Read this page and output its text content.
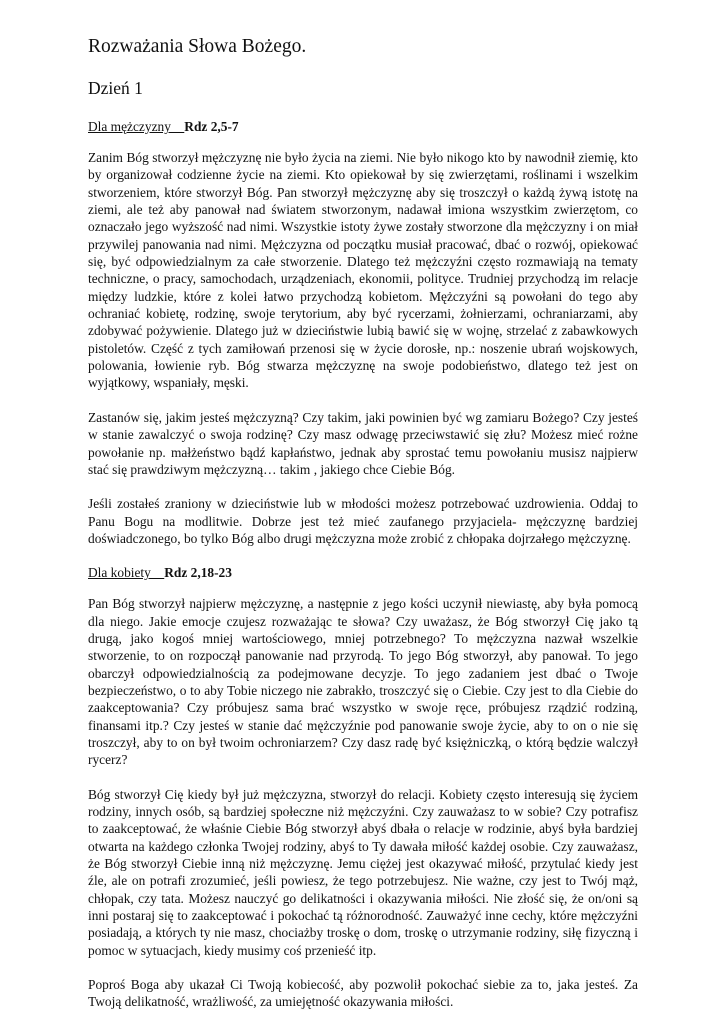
Rozważania Słowa Bożego.
Dzień 1
Dla mężczyzny    Rdz 2,5-7

Zanim Bóg stworzył mężczyznę nie było życia na ziemi. Nie było nikogo kto by nawodnił ziemię, kto by organizował codzienne życie na ziemi. Kto opiekował by się zwierzętami, roślinami i wszelkim stworzeniem, które stworzył Bóg. Pan stworzył mężczyznę aby się troszczył o każdą żywą istotę na ziemi, ale też aby panował nad światem stworzonym, nadawał imiona wszystkim zwierzętom, co oznaczało jego wyższość nad nimi. Wszystkie istoty żywe zostały stworzone dla mężczyzny i on miał przywilej panowania nad nimi. Mężczyzna od początku musiał pracować, dbać o rozwój, opiekować się, być odpowiedzialnym za całe stworzenie. Dlatego też mężczyźni często rozmawiają na tematy techniczne, o pracy, samochodach, urządzeniach, ekonomii, polityce. Trudniej przychodzą im relacje między ludzkie, które z kolei łatwo przychodzą kobietom. Mężczyźni są powołani do tego aby ochraniać kobietę, rodzinę, swoje terytorium, aby być rycerzami, żołnierzami, ochraniarzami, aby zdobywać pożywienie. Dlatego już w dzieciństwie lubią bawić się w wojnę, strzelać z zabawkowych pistoletów. Część z tych zamiłowań przenosi się w życie dorosłe, np.: noszenie ubrań wojskowych, polowania, łowienie ryb. Bóg stwarza mężczyznę na swoje podobieństwo, dlatego też jest on wyjątkowy, wspaniały, męski.

Zastanów się, jakim jesteś mężczyzną? Czy takim, jaki powinien być wg zamiaru Bożego? Czy jesteś w stanie zawalczyć o swoja rodzinę? Czy masz odwagę przeciwstawić się złu? Możesz mieć rożne powołanie np. małżeństwo bądź kapłaństwo, jednak aby sprostać temu powołaniu musisz najpierw stać się prawdziwym mężczyzną… takim , jakiego chce Ciebie Bóg.

Jeśli zostałeś zraniony w dzieciństwie lub w młodości możesz potrzebować uzdrowienia. Oddaj to Panu Bogu na modlitwie. Dobrze jest też mieć zaufanego przyjaciela- mężczyznę bardziej doświadczonego, bo tylko Bóg albo drugi mężczyzna może zrobić z chłopaka dojrzałego mężczyznę.

Dla kobiety    Rdz 2,18-23

Pan Bóg stworzył najpierw mężczyznę, a następnie z jego kości uczynił niewiastę, aby była pomocą dla niego. Jakie emocje czujesz rozważając te słowa? Czy uważasz, że Bóg stworzył Cię jako tą drugą, jako kogoś mniej wartościowego, mniej potrzebnego? To mężczyzna nazwał wszelkie stworzenie, to on rozpoczął panowanie nad przyrodą. To jego Bóg stworzył, aby panował. To jego obarczył odpowiedzialnością za podejmowane decyzje. To jego zadaniem jest dbać o Twoje bezpieczeństwo, o to aby Tobie niczego nie zabrakło, troszczyć się o Ciebie. Czy jest to dla Ciebie do zaakceptowania? Czy próbujesz sama brać wszystko w swoje ręce, próbujesz rządzić rodziną, finansami itp.? Czy jesteś w stanie dać mężczyźnie pod panowanie swoje życie, aby to on o nie się troszczył, aby to on był twoim ochroniarzem? Czy dasz radę być księżniczką, o którą będzie walczył rycerz?

Bóg stworzył Cię kiedy był już mężczyzna, stworzył do relacji. Kobiety często interesują się życiem rodziny, innych osób, są bardziej społeczne niż mężczyźni. Czy zauważasz to w sobie? Czy potrafisz to zaakceptować, że właśnie Ciebie Bóg stworzył abyś dbała o relacje w rodzinie, abyś była bardziej otwarta na każdego członka Twojej rodziny, abyś to Ty dawała miłość każdej osobie. Czy zauważasz, że Bóg stworzył Ciebie inną niż mężczyznę. Jemu ciężej jest okazywać miłość, przytulać kiedy jest źle, ale on potrafi zrozumieć, jeśli powiesz, że tego potrzebujesz. Nie ważne, czy jest to Twój mąż, chłopak, czy tata. Możesz nauczyć go delikatności i okazywania miłości. Nie złość się, że on/oni są inni postaraj się to zaakceptować i pokochać tą różnorodność. Zauważyć inne cechy, które mężczyźni posiadają, a których ty nie masz, chociażby troskę o dom, troskę o utrzymanie rodziny, siłę fizyczną i pomoc w sytuacjach, kiedy musimy coś przenieść itp.

Poproś Boga aby ukazał Ci Twoją kobiecość, aby pozwolił pokochać siebie za to, jaka jesteś. Za Twoją delikatność, wrażliwość, za umiejętność okazywania miłości.
